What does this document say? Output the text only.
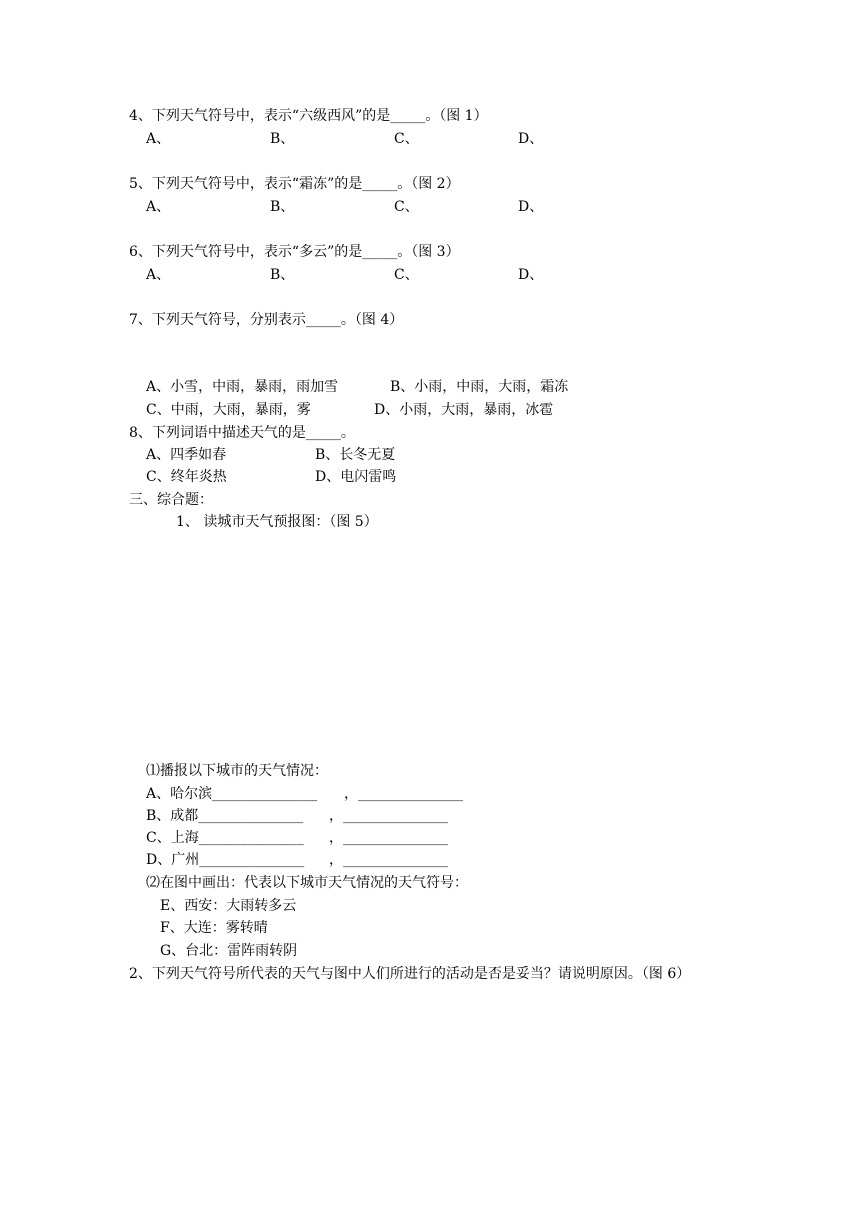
4、下列天气符号中，表示“六级西风”的是_____。（图 1）
A、	B、	C、	D、
5、下列天气符号中，表示“霜冻”的是_____。（图 2）
A、	B、	C、	D、
6、下列天气符号中，表示“多云”的是_____。（图 3）
A、	B、	C、	D、
7、下列天气符号，分别表示_____。（图 4）
A、小雪，中雨，暴雨，雨加雪	B、小雨，中雨，大雨，霜冻
C、中雨，大雨，暴雨，雾	D、小雨，大雨，暴雨，冰雹
8、下列词语中描述天气的是_____。
A、四季如春	B、长冬无夏
C、终年炎热	D、电闪雷鸣
三、综合题：
1、 读城市天气预报图：（图 5）
⑴播报以下城市的天气情况：
A、哈尔滨_______________ ，_______________
B、成都_______________ ，_______________
C、上海_______________ ，_______________
D、广州_______________ ，_______________
⑵在图中画出：代表以下城市天气情况的天气符号：
E、西安：大雨转多云
F、大连：雾转晴
G、台北：雷阵雨转阴
2、下列天气符号所代表的天气与图中人们所进行的活动是否是妥当？请说明原因。（图 6）
